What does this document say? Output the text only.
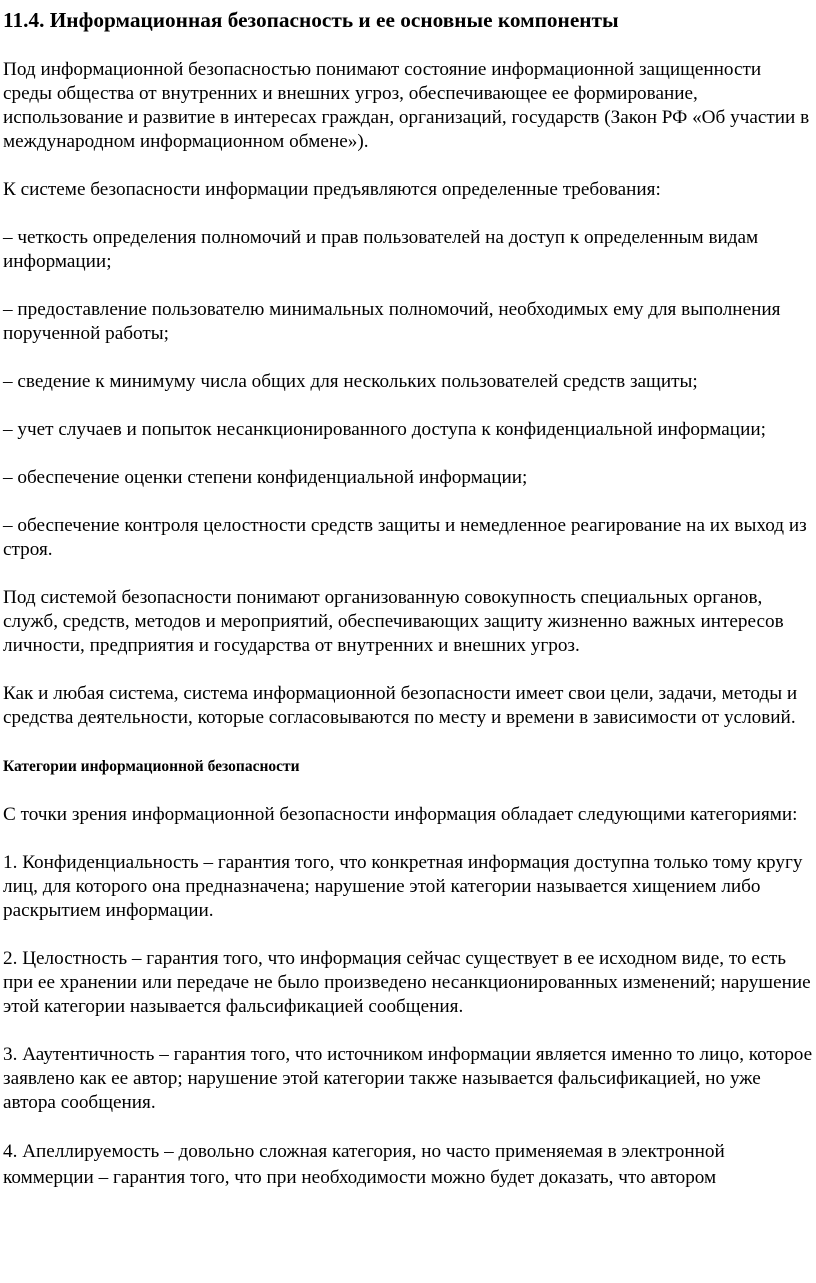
11.4. Информационная безопасность и ее основные компоненты

Под информационной безопасностью понимают состояние информационной защищенности среды общества от внутренних и внешних угроз, обеспечивающее ее формирование, использование и развитие в интересах граждан, организаций, государств (Закон РФ «Об участии в международном информационном обмене»).

К системе безопасности информации предъявляются определенные требования:

– четкость определения полномочий и прав пользователей на доступ к определенным видам информации;

– предоставление пользователю минимальных полномочий, необходимых ему для выполнения порученной работы;

– сведение к минимуму числа общих для нескольких пользователей средств защиты;

– учет случаев и попыток несанкционированного доступа к конфиденциальной информации;

– обеспечение оценки степени конфиденциальной информации;

– обеспечение контроля целостности средств защиты и немедленное реагирование на их выход из строя.

Под системой безопасности понимают организованную совокупность специальных органов, служб, средств, методов и мероприятий, обеспечивающих защиту жизненно важных интересов личности, предприятия и государства от внутренних и внешних угроз.

Как и любая система, система информационной безопасности имеет свои цели, задачи, методы и средства деятельности, которые согласовываются по месту и времени в зависимости от условий.

Категории информационной безопасности

С точки зрения информационной безопасности информация обладает следующими категориями:

1. Конфиденциальность – гарантия того, что конкретная информация доступна только тому кругу лиц, для которого она предназначена; нарушение этой категории называется хищением либо раскрытием информации.

2. Целостность – гарантия того, что информация сейчас существует в ее исходном виде, то есть при ее хранении или передаче не было произведено несанкционированных изменений; нарушение этой категории называется фальсификацией сообщения.

3. Ааутентичность – гарантия того, что источником информации является именно то лицо, которое заявлено как ее автор; нарушение этой категории также называется фальсификацией, но уже автора сообщения.

4. Апеллируемость – довольно сложная категория, но часто применяемая в электронной коммерции – гарантия того, что при необходимости можно будет доказать, что автором
